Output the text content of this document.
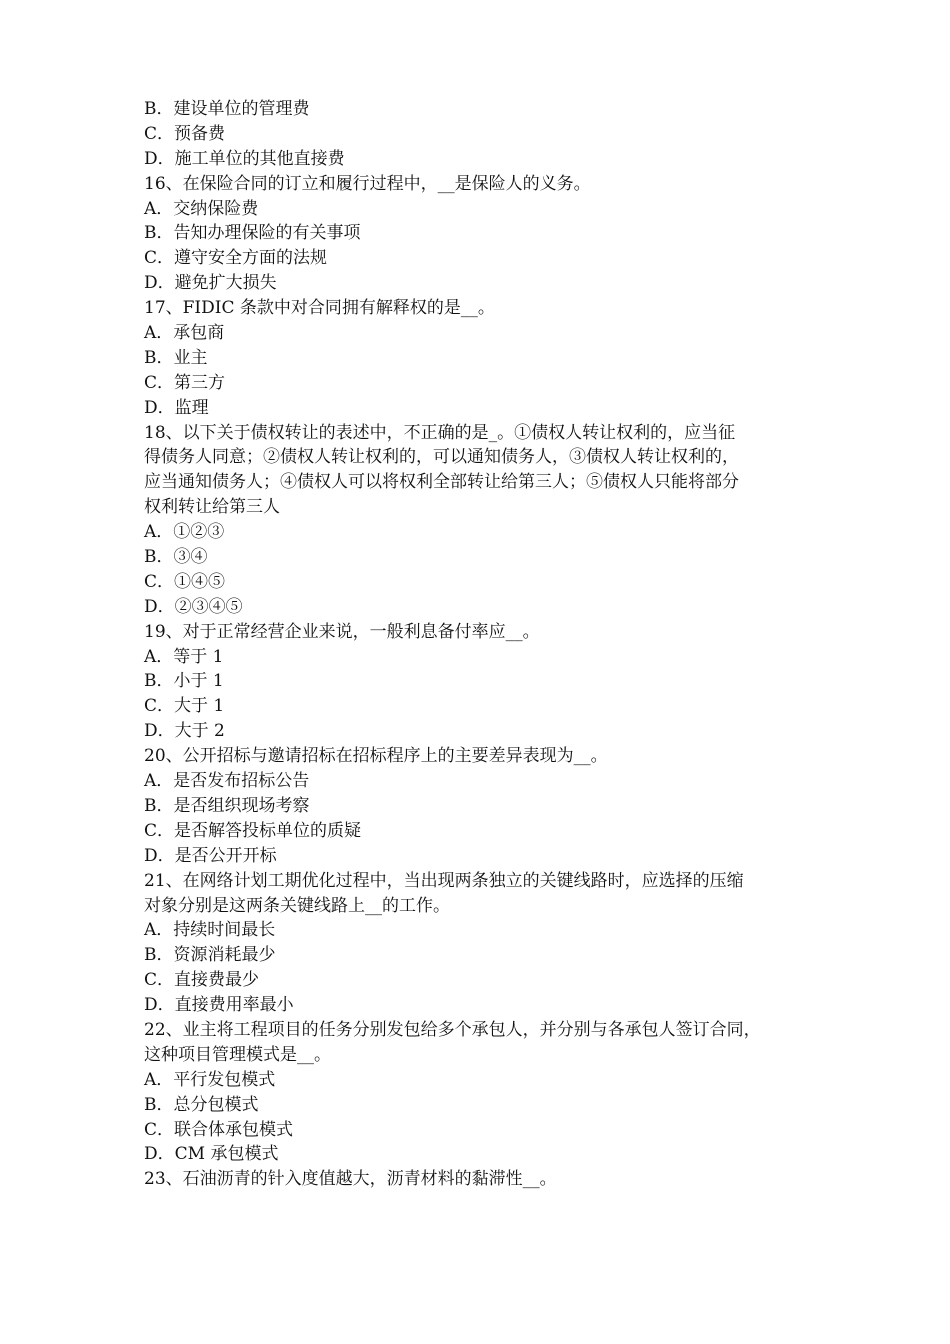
B．建设单位的管理费
C．预备费
D．施工单位的其他直接费
16、在保险合同的订立和履行过程中，__是保险人的义务。
A．交纳保险费
B．告知办理保险的有关事项
C．遵守安全方面的法规
D．避免扩大损失
17、FIDIC 条款中对合同拥有解释权的是__。
A．承包商
B．业主
C．第三方
D．监理
18、以下关于债权转让的表述中，不正确的是_。①债权人转让权利的，应当征
得债务人同意；②债权人转让权利的，可以通知债务人，③债权人转让权利的，
应当通知债务人；④债权人可以将权利全部转让给第三人；⑤债权人只能将部分
权利转让给第三人
A．①②③
B．③④
C．①④⑤
D．②③④⑤
19、对于正常经营企业来说，一般利息备付率应__。
A．等于 1
B．小于 1
C．大于 1
D．大于 2
20、公开招标与邀请招标在招标程序上的主要差异表现为__。
A．是否发布招标公告
B．是否组织现场考察
C．是否解答投标单位的质疑
D．是否公开开标
21、在网络计划工期优化过程中，当出现两条独立的关键线路时，应选择的压缩
对象分别是这两条关键线路上__的工作。
A．持续时间最长
B．资源消耗最少
C．直接费最少
D．直接费用率最小
22、业主将工程项目的任务分别发包给多个承包人，并分别与各承包人签订合同，
这种项目管理模式是__。
A．平行发包模式
B．总分包模式
C．联合体承包模式
D．CM 承包模式
23、石油沥青的针入度值越大，沥青材料的黏滞性__。
